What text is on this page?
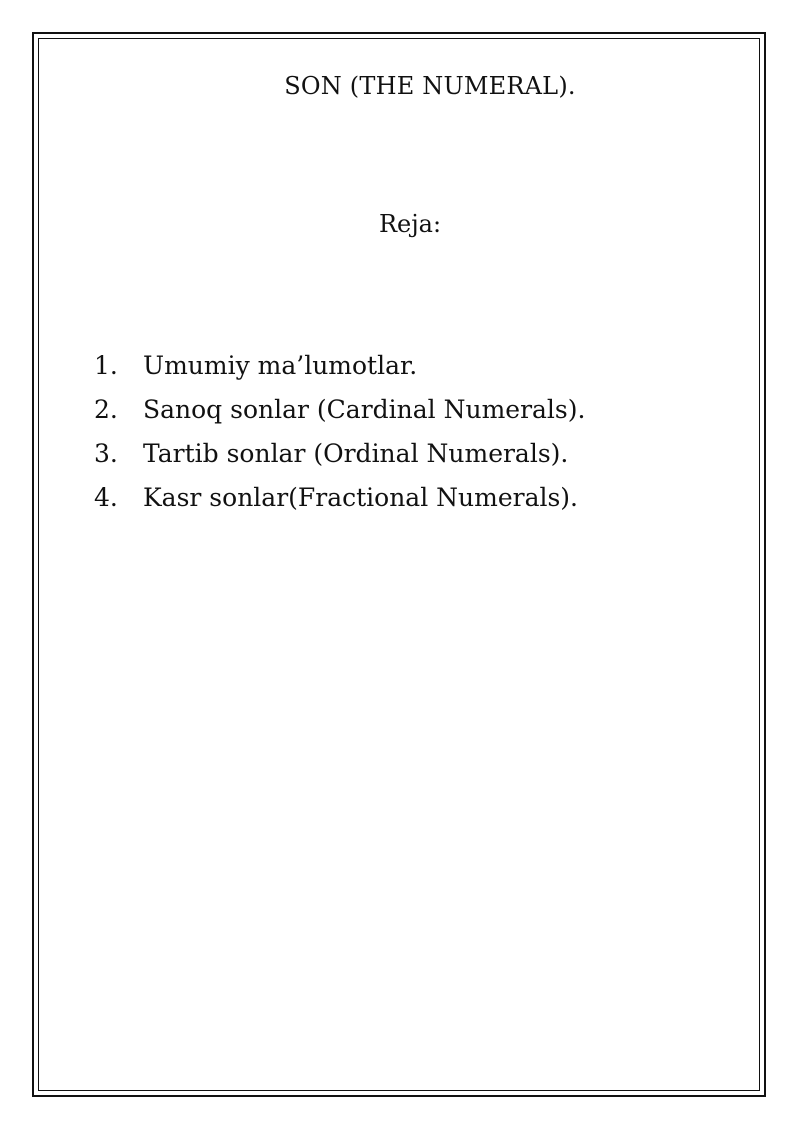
SON (THE NUMERAL).
Reja:
1. Umumiy ma’lumotlar.
2. Sanoq sonlar (Cardinal Numerals).
3. Tartib sonlar (Ordinal Numerals).
4. Kasr sonlar(Fractional Numerals).
